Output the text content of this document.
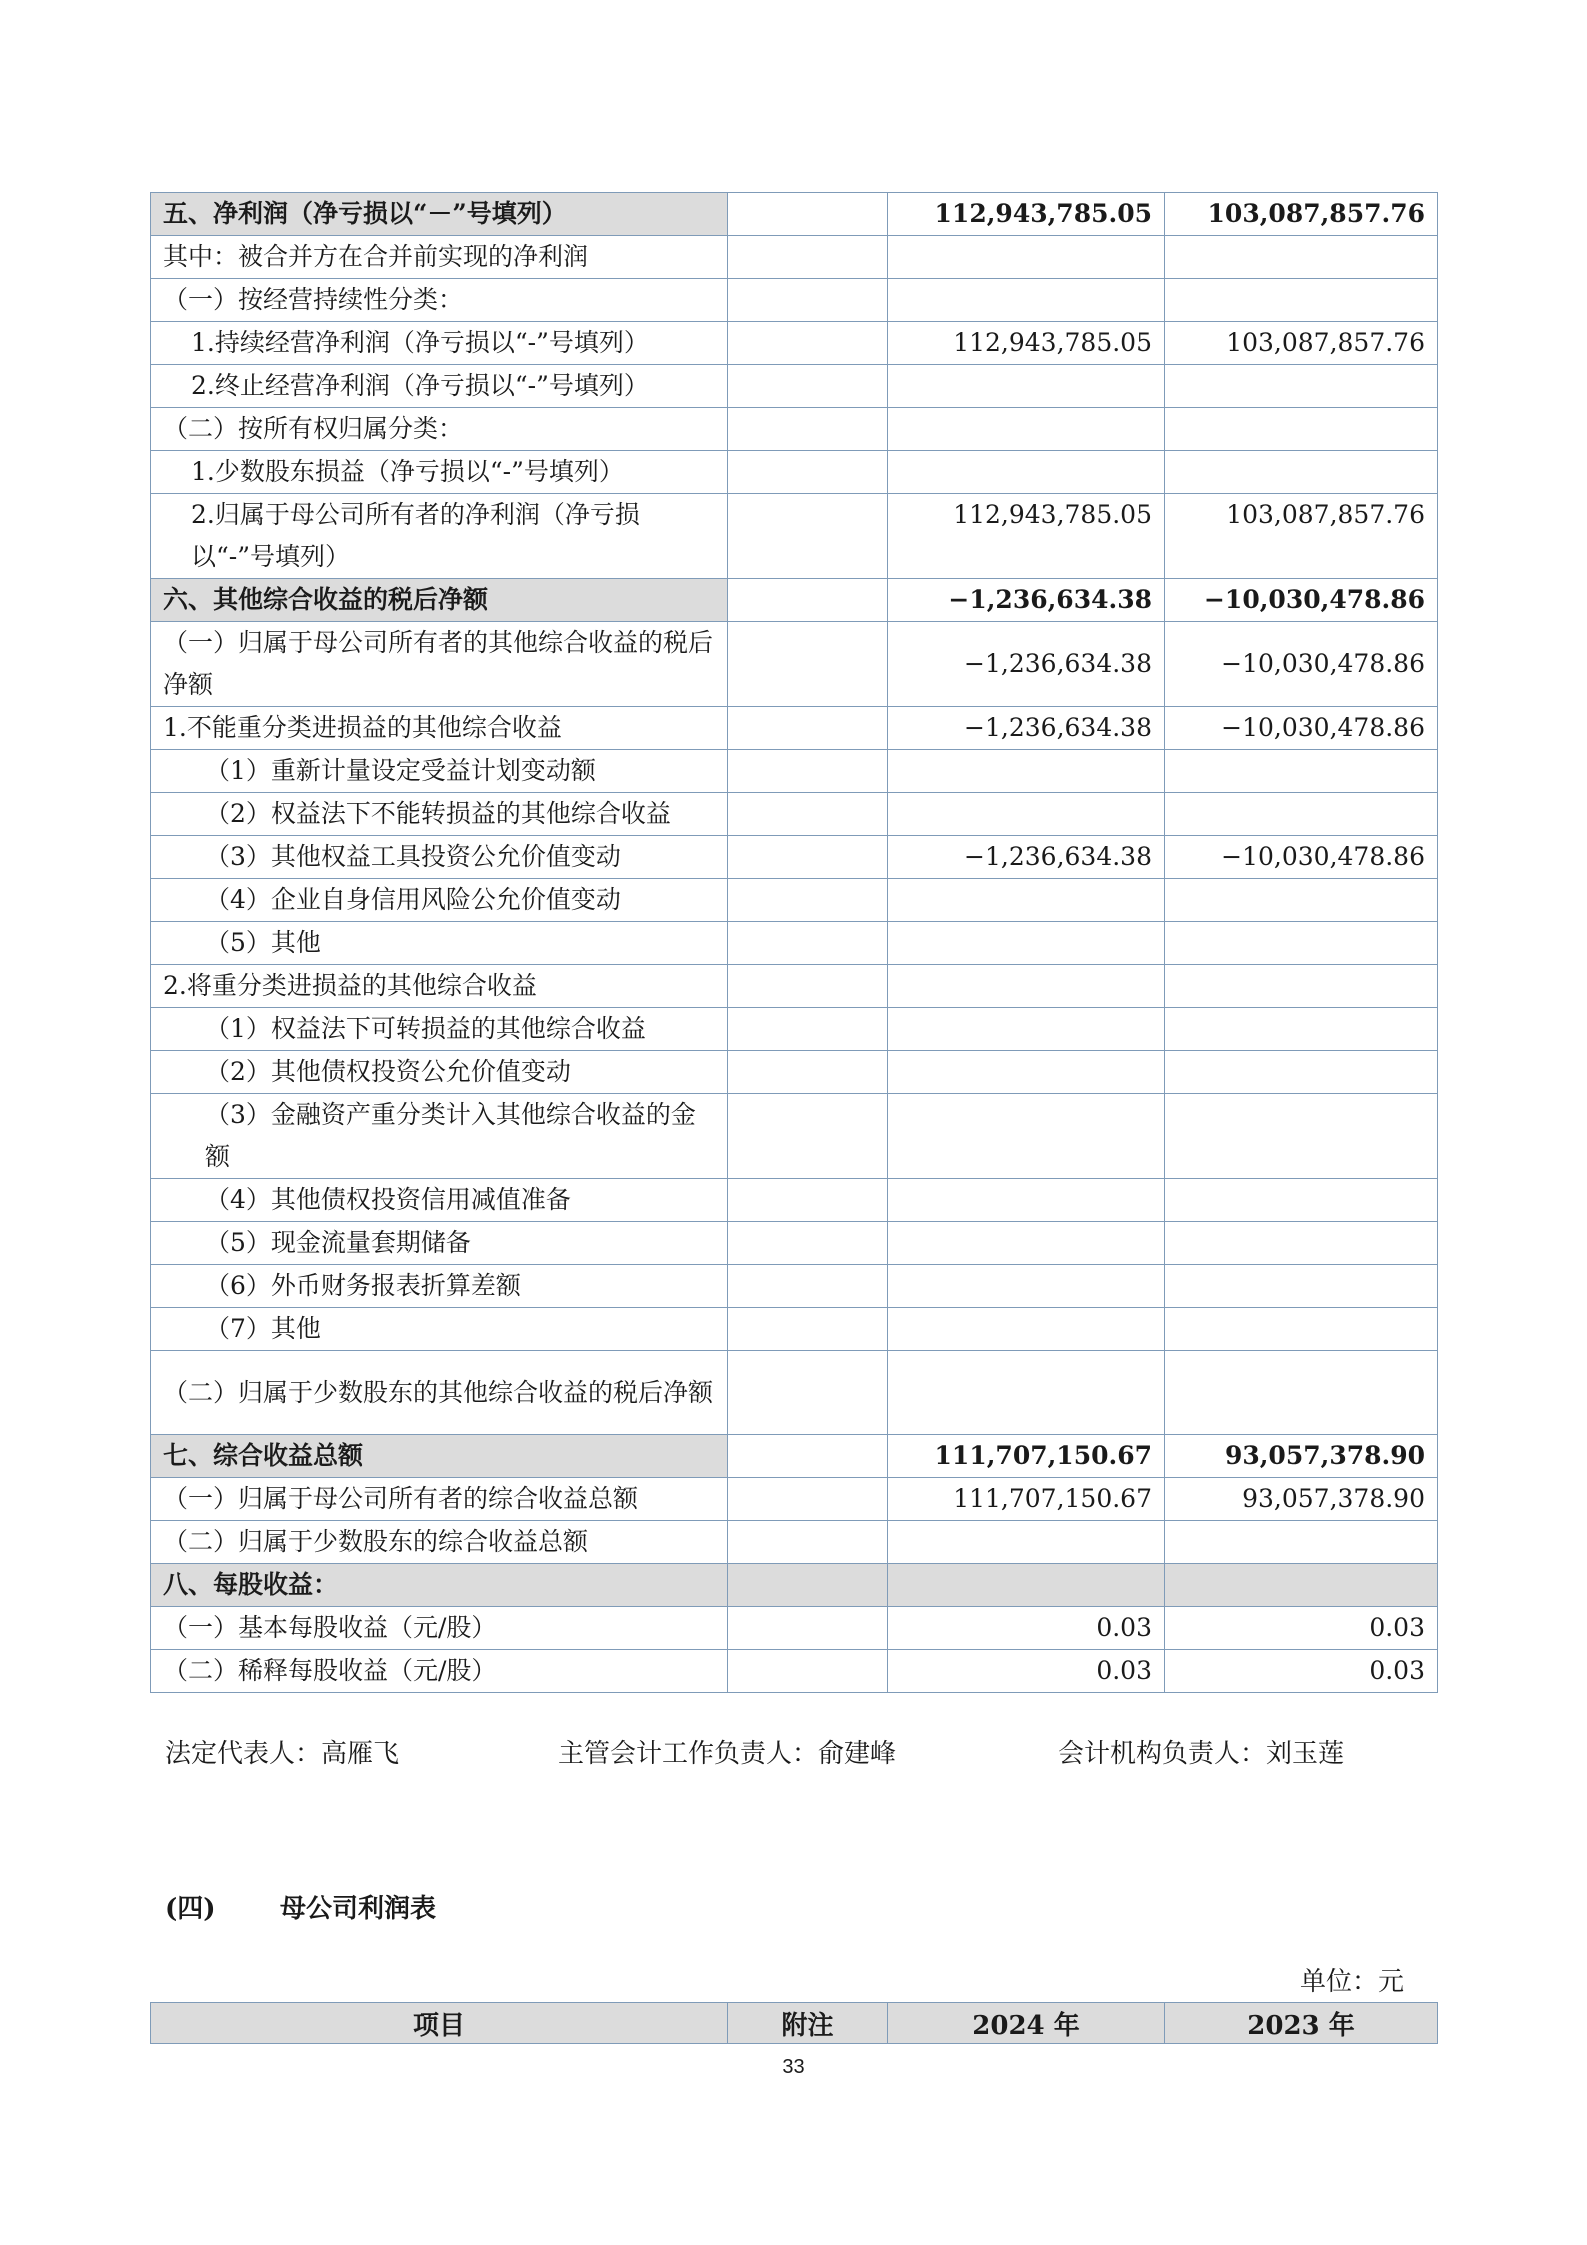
五、净利润（净亏损以“－”号填列）		112,943,785.05	103,087,857.76
其中：被合并方在合并前实现的净利润			
（一）按经营持续性分类：			
1.持续经营净利润（净亏损以“-”号填列）		112,943,785.05	103,087,857.76
2.终止经营净利润（净亏损以“-”号填列）			
（二）按所有权归属分类：			
1.少数股东损益（净亏损以“-”号填列）			
2.归属于母公司所有者的净利润（净亏损以“-”号填列）		112,943,785.05	103,087,857.76
六、其他综合收益的税后净额		−1,236,634.38	−10,030,478.86
（一）归属于母公司所有者的其他综合收益的税后净额		−1,236,634.38	−10,030,478.86
1.不能重分类进损益的其他综合收益		−1,236,634.38	−10,030,478.86
（1）重新计量设定受益计划变动额			
（2）权益法下不能转损益的其他综合收益			
（3）其他权益工具投资公允价值变动		−1,236,634.38	−10,030,478.86
（4）企业自身信用风险公允价值变动			
（5）其他			
2.将重分类进损益的其他综合收益			
（1）权益法下可转损益的其他综合收益			
（2）其他债权投资公允价值变动			
（3）金融资产重分类计入其他综合收益的金额			
（4）其他债权投资信用减值准备			
（5）现金流量套期储备			
（6）外币财务报表折算差额			
（7）其他			
（二）归属于少数股东的其他综合收益的税后净额			
七、综合收益总额		111,707,150.67	93,057,378.90
（一）归属于母公司所有者的综合收益总额		111,707,150.67	93,057,378.90
（二）归属于少数股东的综合收益总额			
八、每股收益：			
（一）基本每股收益（元/股）		0.03	0.03
（二）稀释每股收益（元/股）		0.03	0.03
法定代表人：高雁飞	主管会计工作负责人：俞建峰	会计机构负责人：刘玉莲
(四) 母公司利润表
单位：元
项目	附注	2024 年	2023 年
33
